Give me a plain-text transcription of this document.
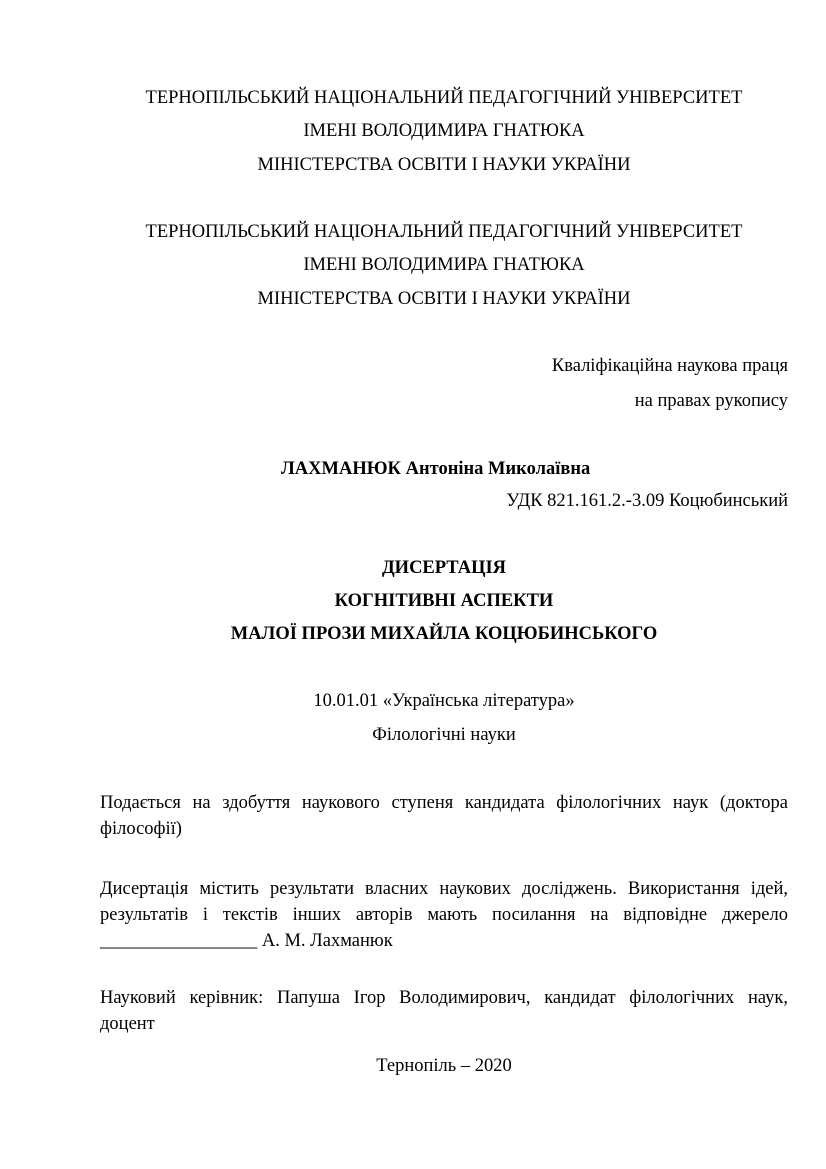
ТЕРНОПІЛЬСЬКИЙ НАЦІОНАЛЬНИЙ ПЕДАГОГІЧНИЙ УНІВЕРСИТЕТ
ІМЕНІ ВОЛОДИМИРА ГНАТЮКА
МІНІСТЕРСТВА ОСВІТИ І НАУКИ УКРАЇНИ
ТЕРНОПІЛЬСЬКИЙ НАЦІОНАЛЬНИЙ ПЕДАГОГІЧНИЙ УНІВЕРСИТЕТ
ІМЕНІ ВОЛОДИМИРА ГНАТЮКА
МІНІСТЕРСТВА ОСВІТИ І НАУКИ УКРАЇНИ
Кваліфікаційна наукова праця
на правах рукопису
ЛАХМАНЮК Антоніна Миколаївна
УДК 821.161.2.-3.09 Коцюбинський
ДИСЕРТАЦІЯ
КОГНІТИВНІ АСПЕКТИ
МАЛОЇ ПРОЗИ МИХАЙЛА КОЦЮБИНСЬКОГО
10.01.01 «Українська література»
Філологічні науки
Подається на здобуття наукового ступеня кандидата філологічних наук (доктора
філософії)
Дисертація містить результати власних наукових досліджень. Використання ідей,
результатів і текстів інших авторів мають посилання на відповідне джерело
_________________ А. М. Лахманюк
Науковий керівник: Папуша Ігор Володимирович, кандидат філологічних наук,
доцент
Тернопіль – 2020
